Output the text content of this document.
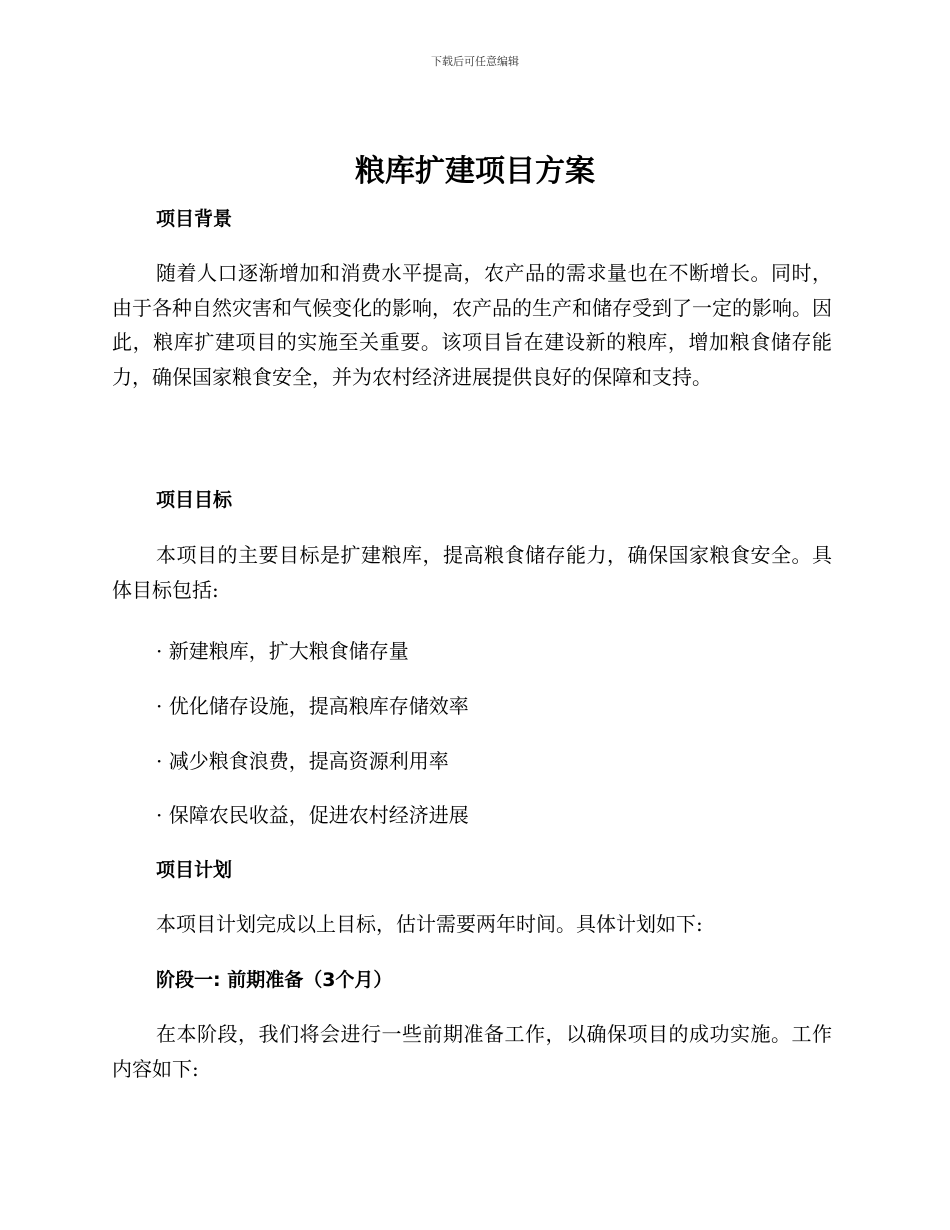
下载后可任意编辑
粮库扩建项目方案
项目背景

随着人口逐渐增加和消费水平提高，农产品的需求量也在不断增长。同时，由于各种自然灾害和气候变化的影响，农产品的生产和储存受到了一定的影响。因此，粮库扩建项目的实施至关重要。该项目旨在建设新的粮库，增加粮食储存能力，确保国家粮食安全，并为农村经济进展提供良好的保障和支持。

项目目标

本项目的主要目标是扩建粮库，提高粮食储存能力，确保国家粮食安全。具体目标包括:

· 新建粮库，扩大粮食储存量
· 优化储存设施，提高粮库存储效率
· 减少粮食浪费，提高资源利用率
· 保障农民收益，促进农村经济进展
项目计划

本项目计划完成以上目标，估计需要两年时间。具体计划如下:

阶段一: 前期准备（3个月）

在本阶段，我们将会进行一些前期准备工作，以确保项目的成功实施。工作内容如下:
